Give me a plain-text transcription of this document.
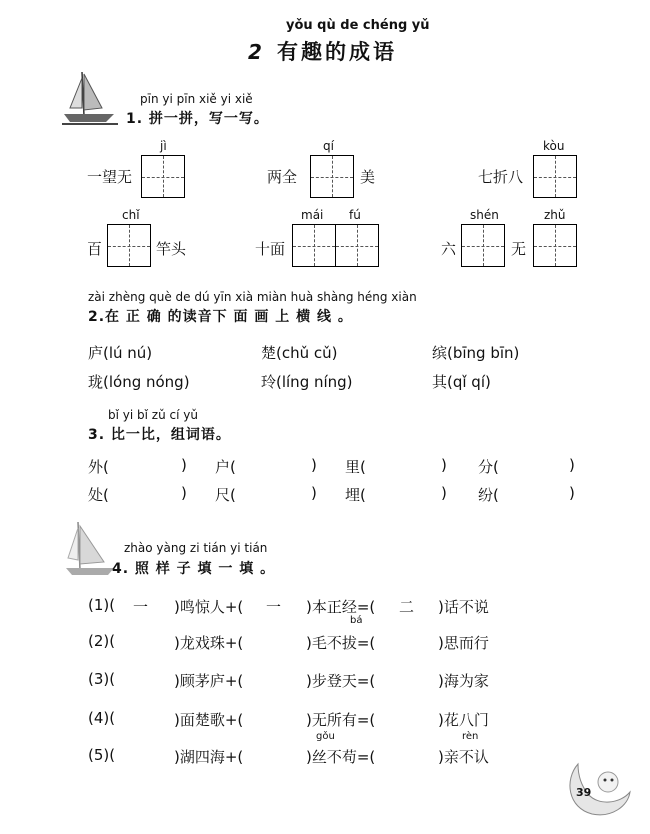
yǒu qù de chéng yǔ
2 有趣的成语
pīn yi pīn xiě yi xiě
1. 拼一拼，写一写。
jì
一望无
qí
两全	美
kòu
七折八
chǐ
百	竿头
mái fú
十面
shén	zhǔ
六	无
zài zhèng què de dú yīn xià miàn huà shàng héng xiàn
2.在 正 确 的读音下 面 画 上 横 线 。
庐(lú nú)	楚(chǔ cǔ)	缤(bīng bīn)
珑(lóng nóng)	玲(líng níng)	其(qǐ qí)
bǐ yi bǐ zǔ cí yǔ
3. 比一比，组词语。
外(	) 户(	) 里(	) 分(	)
处(	) 尺(	) 埋(	) 纷(	)
zhào yàng zi tián yi tián
4. 照 样 子 填 一 填 。
(1)( 一 )鸣惊人+( 一 )本正经=( 二 )话不说
bá
(2)(	)龙戏珠+(	)毛不拔=(	)思而行
(3)(	)顾茅庐+(	)步登天=(	)海为家
(4)(	)面楚歌+(	)无所有=(	)花八门
gǒu	rèn
(5)(	)湖四海+(	)丝不苟=(	)亲不认
39
